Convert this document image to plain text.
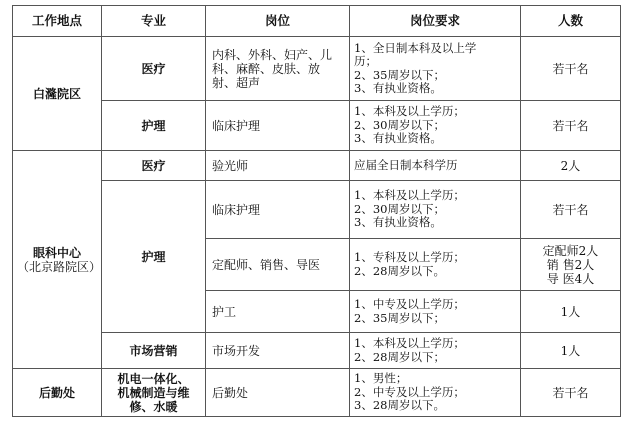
工作地点	专业	岗位	岗位要求	人数
白漋院区	医疗	内科、外科、妇产、儿
科、麻醉、皮肤、放
射、超声	1、全日制本科及以上学
历；
2、35周岁以下；
3、有执业资格。	若干名

	护理	临床护理	1、本科及以上学历；
2、30周岁以下；
3、有执业资格。	若干名

眼科中心
（北京路院区）	医疗	验光师	应届全日制本科学历	2人

	护理	临床护理	1、本科及以上学历；
2、30周岁以下；
3、有执业资格。	若干名

		定配师、销售、导医	1、专科及以上学历；
2、28周岁以下。	定配师2人
销 售2人
导 医4人

		护工	1、中专及以上学历；
2、35周岁以下；	1人

	市场营销	市场开发	1、本科及以上学历；
2、28周岁以下；	1人

后勤处	机电一体化、
机械制造与维
修、水暖	后勤处	1、男性；
2、中专及以上学历；
3、28周岁以下。	若干名
